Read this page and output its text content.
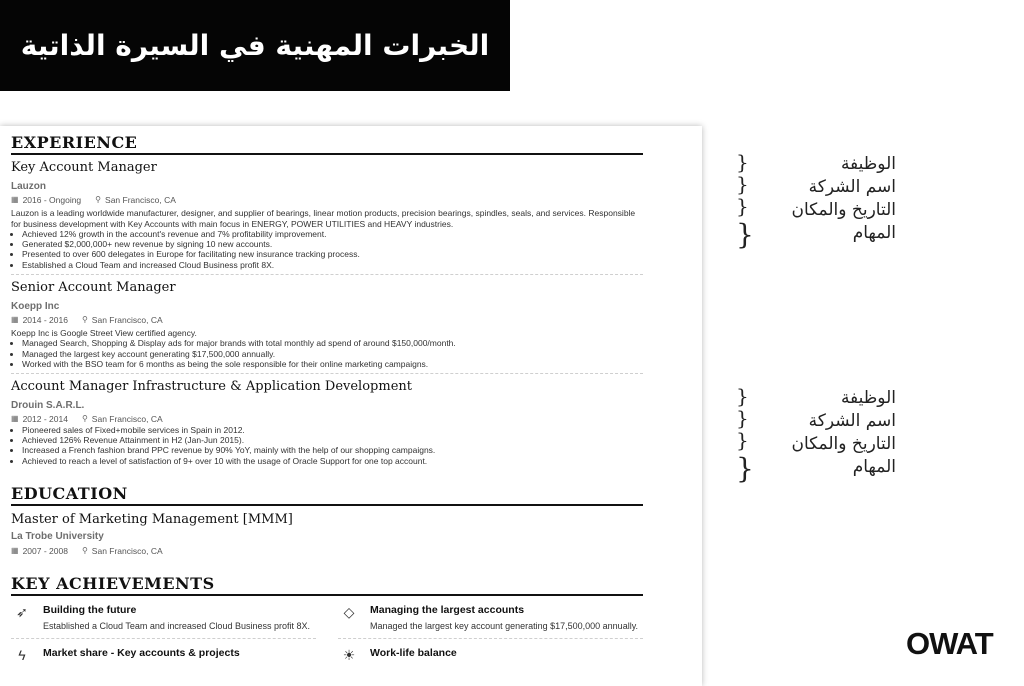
الخبرات المهنية في السيرة الذاتية
EXPERIENCE
Key Account Manager
Lauzon
▦ 2016 - Ongoing ⚲ San Francisco, CA
Lauzon is a leading worldwide manufacturer, designer, and supplier of bearings, linear motion products, precision bearings, spindles, seals, and services. Responsible for business development with Key Accounts with main focus in ENERGY, POWER UTILITIES and HEAVY industries.
• Achieved 12% growth in the account's revenue and 7% profitability improvement.
• Generated $2,000,000+ new revenue by signing 10 new accounts.
• Presented to over 600 delegates in Europe for facilitating new insurance tracking process.
• Established a Cloud Team and increased Cloud Business profit 8X.
Senior Account Manager
Koepp Inc
▦ 2014 - 2016 ⚲ San Francisco, CA
Koepp Inc is Google Street View certified agency.
• Managed Search, Shopping & Display ads for major brands with total monthly ad spend of around $150,000/month.
• Managed the largest key account generating $17,500,000 annually.
• Worked with the BSO team for 6 months as being the sole responsible for their online marketing campaigns.
Account Manager Infrastructure & Application Development
Drouin S.A.R.L.
▦ 2012 - 2014 ⚲ San Francisco, CA
• Pioneered sales of Fixed+mobile services in Spain in 2012.
• Achieved 126% Revenue Attainment in H2 (Jan-Jun 2015).
• Increased a French fashion brand PPC revenue by 90% YoY, mainly with the help of our shopping campaigns.
• Achieved to reach a level of satisfaction of 9+ over 10 with the usage of Oracle Support for one top account.
EDUCATION
Master of Marketing Management [MMM]
La Trobe University
▦ 2007 - 2008 ⚲ San Francisco, CA
KEY ACHIEVEMENTS
➶	Building the future
Established a Cloud Team and increased Cloud Business profit 8X.
◇	Managing the largest accounts
Managed the largest key account generating $17,500,000 annually.
ϟ	Market share - Key accounts & projects	☀	Work-life balance
}
}
}
}
الوظيفة
اسم الشركة
التاريخ والمكان
المهام
}
}
}
}
الوظيفة
اسم الشركة
التاريخ والمكان
المهام
OWAT
